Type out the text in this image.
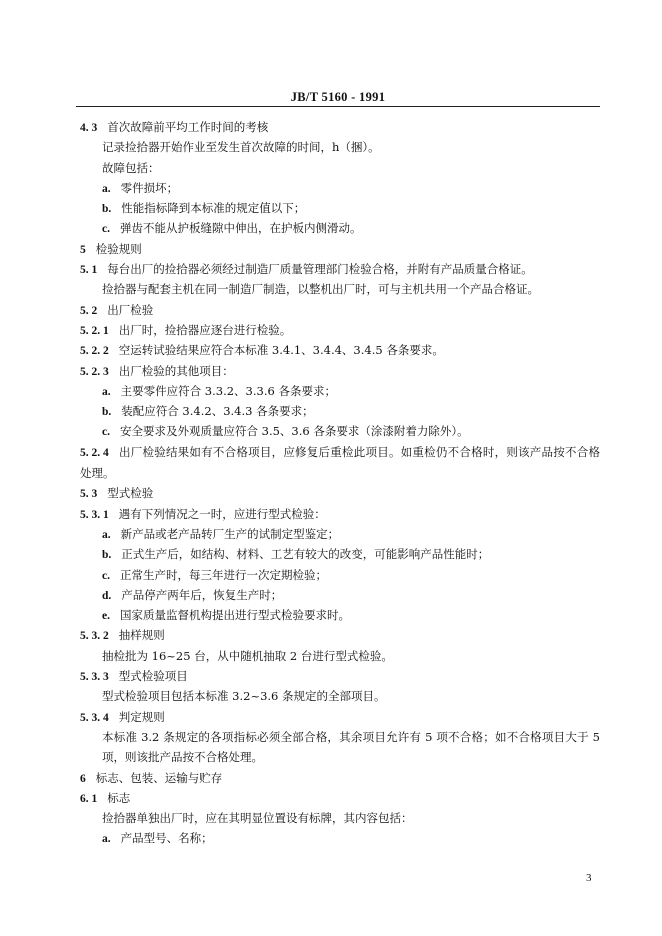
JB/T 5160 - 1991
4. 3 首次故障前平均工作时间的考核
记录捡拾器开始作业至发生首次故障的时间，h（捆）。
故障包括：
a. 零件损坏；
b. 性能指标降到本标准的规定值以下；
c. 弹齿不能从护板缝隙中伸出，在护板内侧滑动。
5 检验规则
5. 1 每台出厂的捡拾器必须经过制造厂质量管理部门检验合格，并附有产品质量合格证。
捡拾器与配套主机在同一制造厂制造，以整机出厂时，可与主机共用一个产品合格证。
5. 2 出厂检验
5. 2. 1 出厂时，捡拾器应逐台进行检验。
5. 2. 2 空运转试验结果应符合本标准 3.4.1、3.4.4、3.4.5 各条要求。
5. 2. 3 出厂检验的其他项目：
a. 主要零件应符合 3.3.2、3.3.6 各条要求；
b. 装配应符合 3.4.2、3.4.3 各条要求；
c. 安全要求及外观质量应符合 3.5、3.6 各条要求（涂漆附着力除外）。
5. 2. 4 出厂检验结果如有不合格项目，应修复后重检此项目。如重检仍不合格时，则该产品按不合格处理。
5. 3 型式检验
5. 3. 1 遇有下列情况之一时，应进行型式检验：
a. 新产品或老产品转厂生产的试制定型鉴定；
b. 正式生产后，如结构、材料、工艺有较大的改变，可能影响产品性能时；
c. 正常生产时，每三年进行一次定期检验；
d. 产品停产两年后，恢复生产时；
e. 国家质量监督机构提出进行型式检验要求时。
5. 3. 2 抽样规则
抽检批为 16~25 台，从中随机抽取 2 台进行型式检验。
5. 3. 3 型式检验项目
型式检验项目包括本标准 3.2~3.6 条规定的全部项目。
5. 3. 4 判定规则
本标准 3.2 条规定的各项指标必须全部合格，其余项目允许有 5 项不合格；如不合格项目大于 5 项，则该批产品按不合格处理。
6 标志、包装、运输与贮存
6. 1 标志
捡拾器单独出厂时，应在其明显位置设有标牌，其内容包括：
a. 产品型号、名称；
3
